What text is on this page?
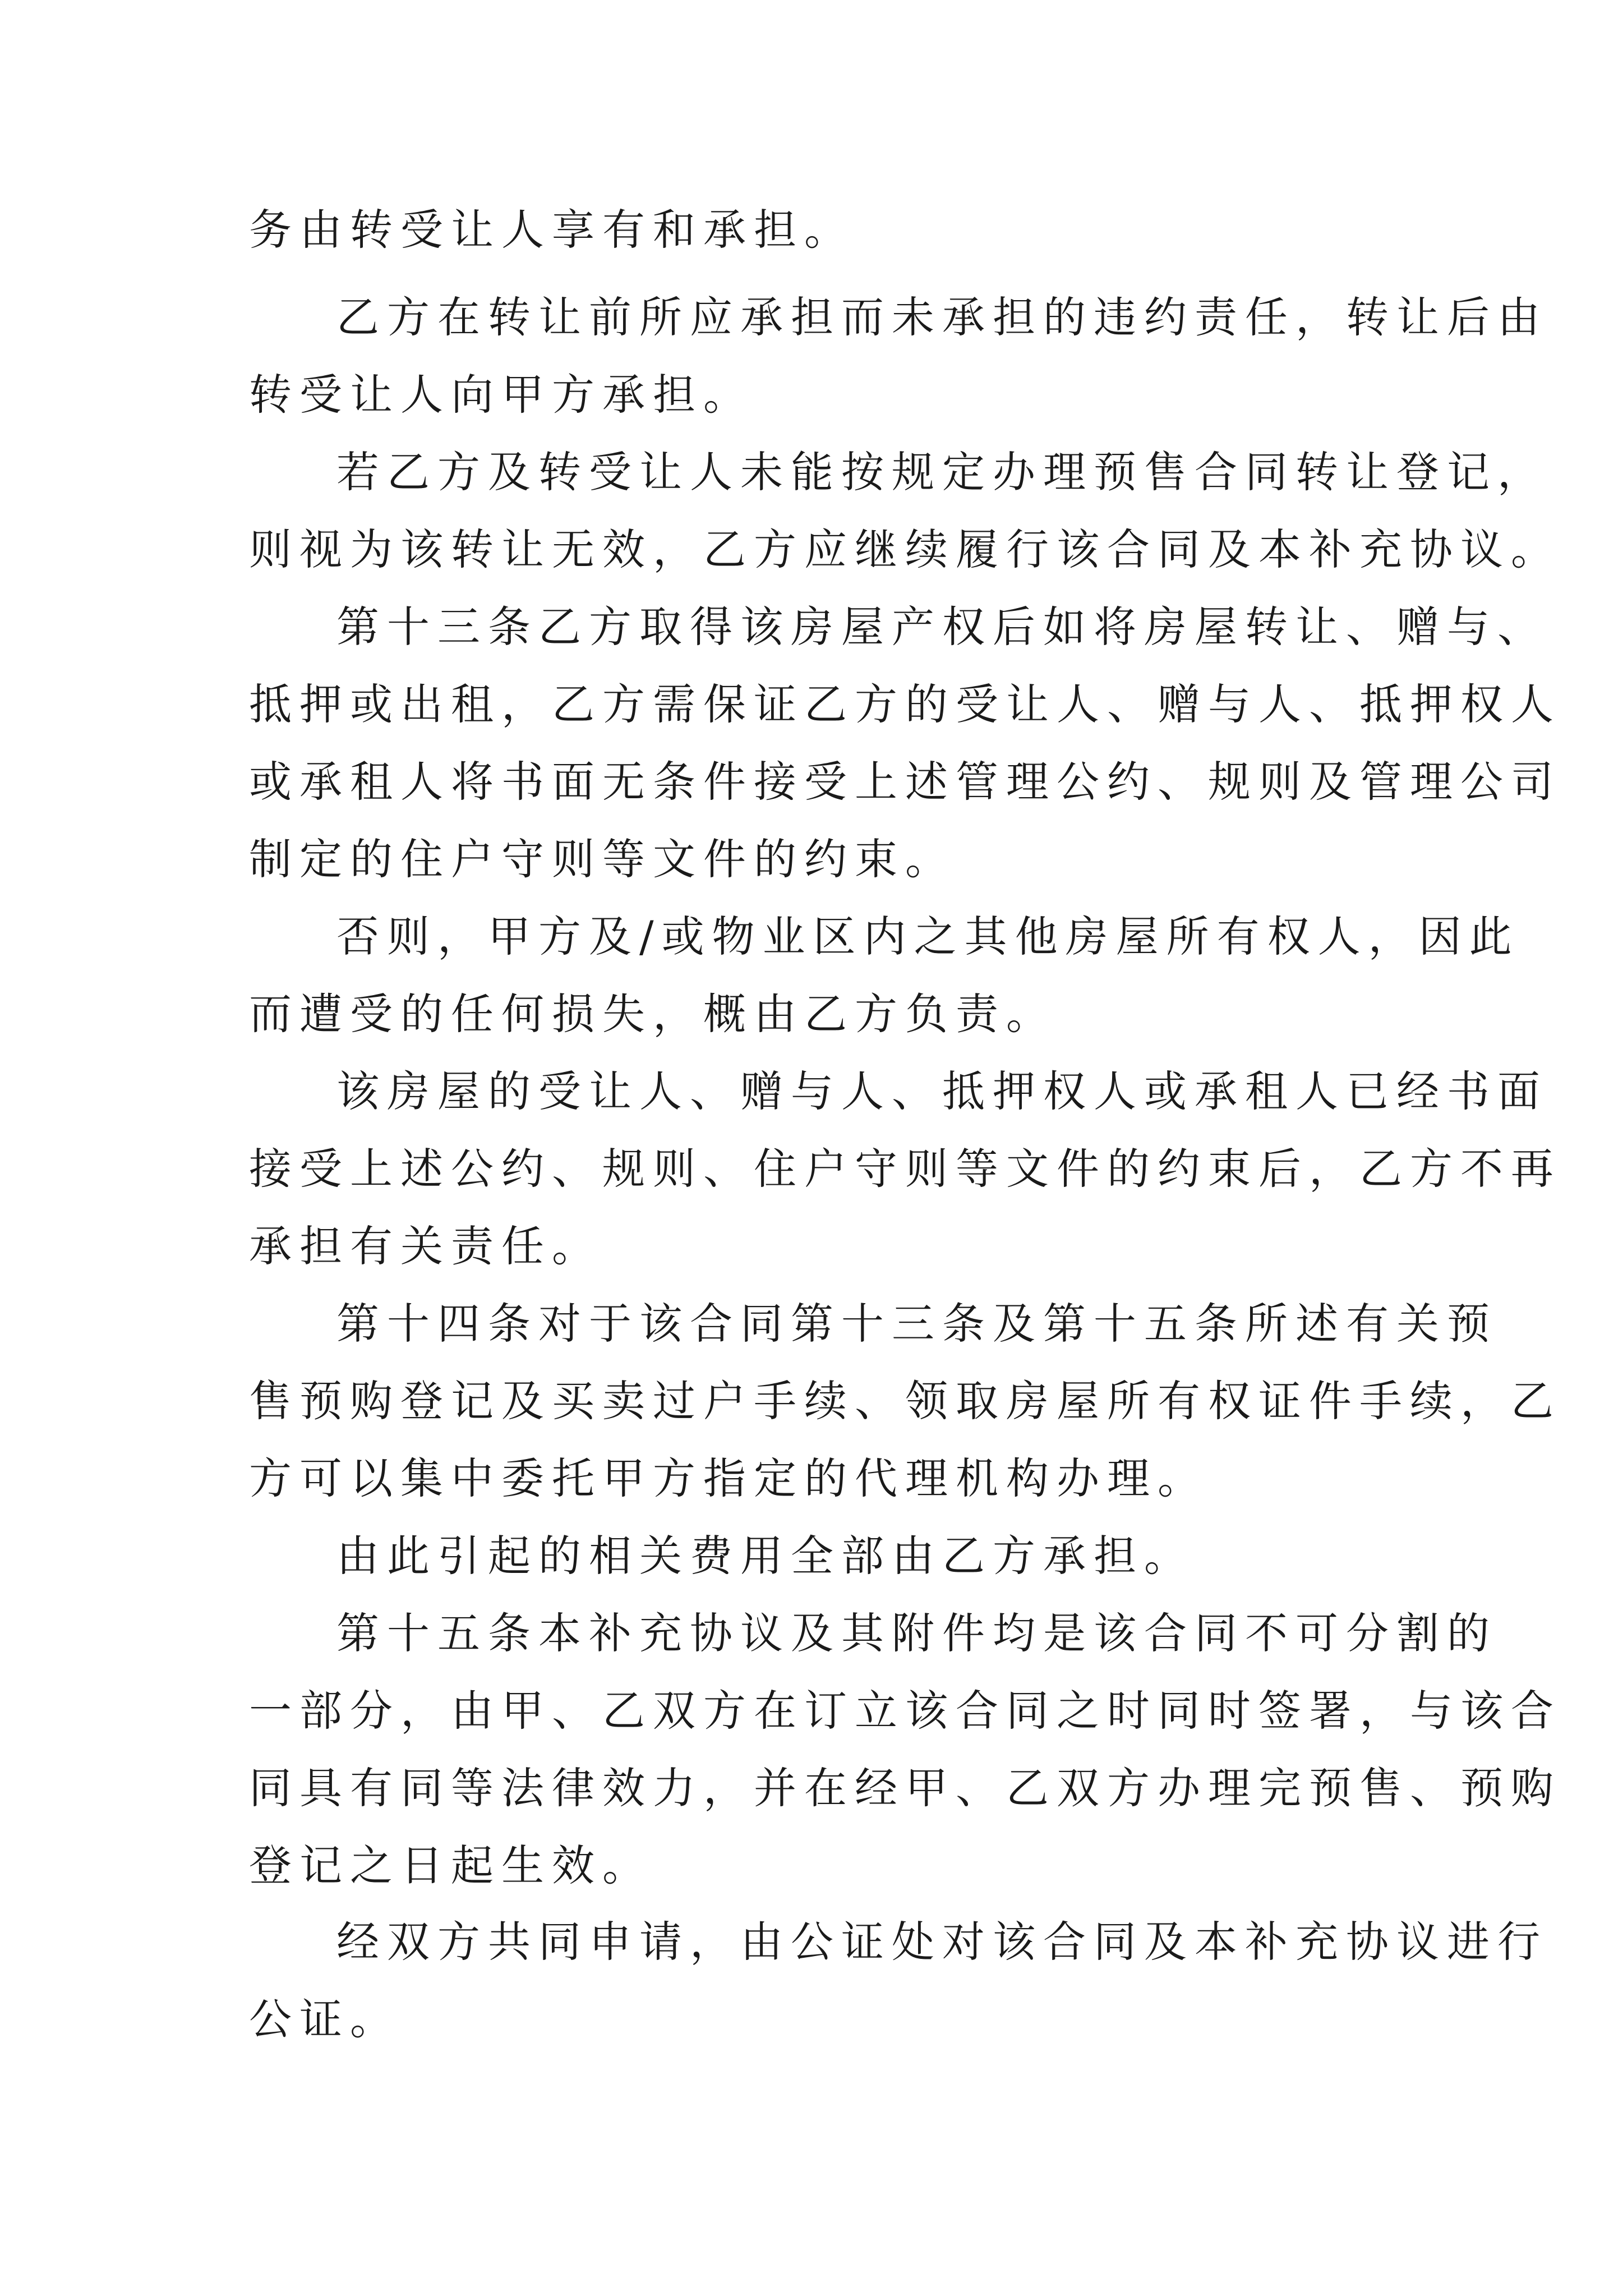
务由转受让人享有和承担。

乙方在转让前所应承担而未承担的违约责任，转让后由

转受让人向甲方承担。

若乙方及转受让人未能按规定办理预售合同转让登记，

则视为该转让无效，乙方应继续履行该合同及本补充协议。

第十三条乙方取得该房屋产权后如将房屋转让、赠与、

抵押或出租，乙方需保证乙方的受让人、赠与人、抵押权人

或承租人将书面无条件接受上述管理公约、规则及管理公司

制定的住户守则等文件的约束。

否则，甲方及/或物业区内之其他房屋所有权人，因此

而遭受的任何损失，概由乙方负责。

该房屋的受让人、赠与人、抵押权人或承租人已经书面

接受上述公约、规则、住户守则等文件的约束后，乙方不再

承担有关责任。

第十四条对于该合同第十三条及第十五条所述有关预

售预购登记及买卖过户手续、领取房屋所有权证件手续，乙

方可以集中委托甲方指定的代理机构办理。

由此引起的相关费用全部由乙方承担。

第十五条本补充协议及其附件均是该合同不可分割的

一部分，由甲、乙双方在订立该合同之时同时签署，与该合

同具有同等法律效力，并在经甲、乙双方办理完预售、预购

登记之日起生效。

经双方共同申请，由公证处对该合同及本补充协议进行

公证。
